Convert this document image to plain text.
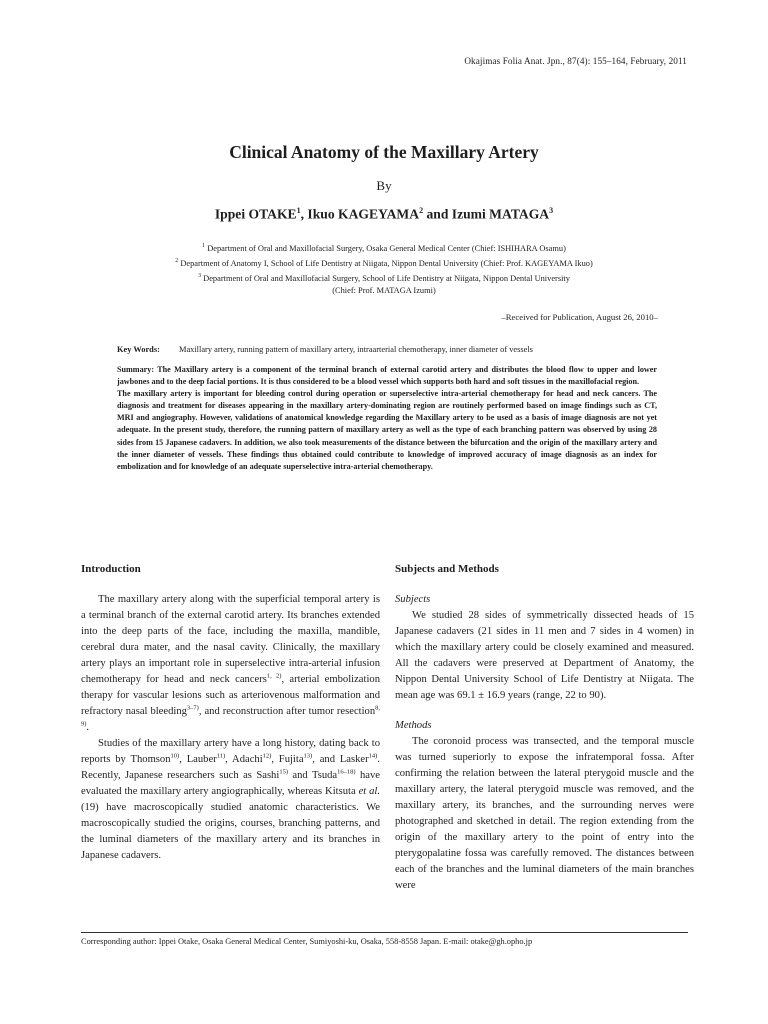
Okajimas Folia Anat. Jpn., 87(4): 155–164, February, 2011
Clinical Anatomy of the Maxillary Artery
By
Ippei OTAKE$^1$, Ikuo KAGEYAMA$^2$ and Izumi MATAGA$^3$
$^1$ Department of Oral and Maxillofacial Surgery, Osaka General Medical Center (Chief: ISHIHARA Osamu)
$^2$ Department of Anatomy I, School of Life Dentistry at Niigata, Nippon Dental University (Chief: Prof. KAGEYAMA Ikuo)
$^3$ Department of Oral and Maxillofacial Surgery, School of Life Dentistry at Niigata, Nippon Dental University
(Chief: Prof. MATAGA Izumi)
–Received for Publication, August 26, 2010–
Key Words: Maxillary artery, running pattern of maxillary artery, intraarterial chemotherapy, inner diameter of vessels

Summary: The Maxillary artery is a component of the terminal branch of external carotid artery and distributes the blood flow to upper and lower jawbones and to the deep facial portions. It is thus considered to be a blood vessel which supports both hard and soft tissues in the maxillofacial region.

The maxillary artery is important for bleeding control during operation or superselective intra-arterial chemotherapy for head and neck cancers. The diagnosis and treatment for diseases appearing in the maxillary artery-dominating region are routinely performed based on image findings such as CT, MRI and angiography. However, validations of anatomical knowledge regarding the Maxillary artery to be used as a basis of image diagnosis are not yet adequate. In the present study, therefore, the running pattern of maxillary artery as well as the type of each branching pattern was observed by using 28 sides from 15 Japanese cadavers. In addition, we also took measurements of the distance between the bifurcation and the origin of the maxillary artery and the inner diameter of vessels. These findings thus obtained could contribute to knowledge of improved accuracy of image diagnosis as an index for embolization and for knowledge of an adequate superselective intra-arterial chemotherapy.

Introduction

The maxillary artery along with the superficial temporal artery is a terminal branch of the external carotid artery. Its branches extended into the deep parts of the face, including the maxilla, mandible, cerebral dura mater, and the nasal cavity. Clinically, the maxillary artery plays an important role in superselective intra-arterial infusion chemotherapy for head and neck cancers$^{1, 2)}$, arterial embolization therapy for vascular lesions such as arteriovenous malformation and refractory nasal bleeding$^{3-7)}$, and reconstruction after tumor resection$^{8, 9)}$.

Studies of the maxillary artery have a long history, dating back to reports by Thomson$^{10)}$, Lauber$^{11)}$, Adachi$^{12)}$, Fujita$^{13)}$, and Lasker$^{14)}$. Recently, Japanese researchers such as Sashi$^{15)}$ and Tsuda$^{16-18)}$ have evaluated the maxillary artery angiographically, whereas Kitsuta et al. (19) have macroscopically studied anatomic characteristics. We macroscopically studied the origins, courses, branching patterns, and the luminal diameters of the maxillary artery and its branches in Japanese cadavers.

Subjects and Methods
Subjects

We studied 28 sides of symmetrically dissected heads of 15 Japanese cadavers (21 sides in 11 men and 7 sides in 4 women) in which the maxillary artery could be closely examined and measured. All the cadavers were preserved at Department of Anatomy, the Nippon Dental University School of Life Dentistry at Niigata. The mean age was 69.1 ± 16.9 years (range, 22 to 90).

Methods

The coronoid process was transected, and the temporal muscle was turned superiorly to expose the infratemporal fossa. After confirming the relation between the lateral pterygoid muscle and the maxillary artery, the lateral pterygoid muscle was removed, and the maxillary artery, its branches, and the surrounding nerves were photographed and sketched in detail. The region extending from the origin of the maxillary artery to the point of entry into the pterygopalatine fossa was carefully removed. The distances between each of the branches and the luminal diameters of the main branches were

Corresponding author: Ippei Otake, Osaka General Medical Center, Sumiyoshi-ku, Osaka, 558-8558 Japan. E-mail: otake@gh.opho.jp
